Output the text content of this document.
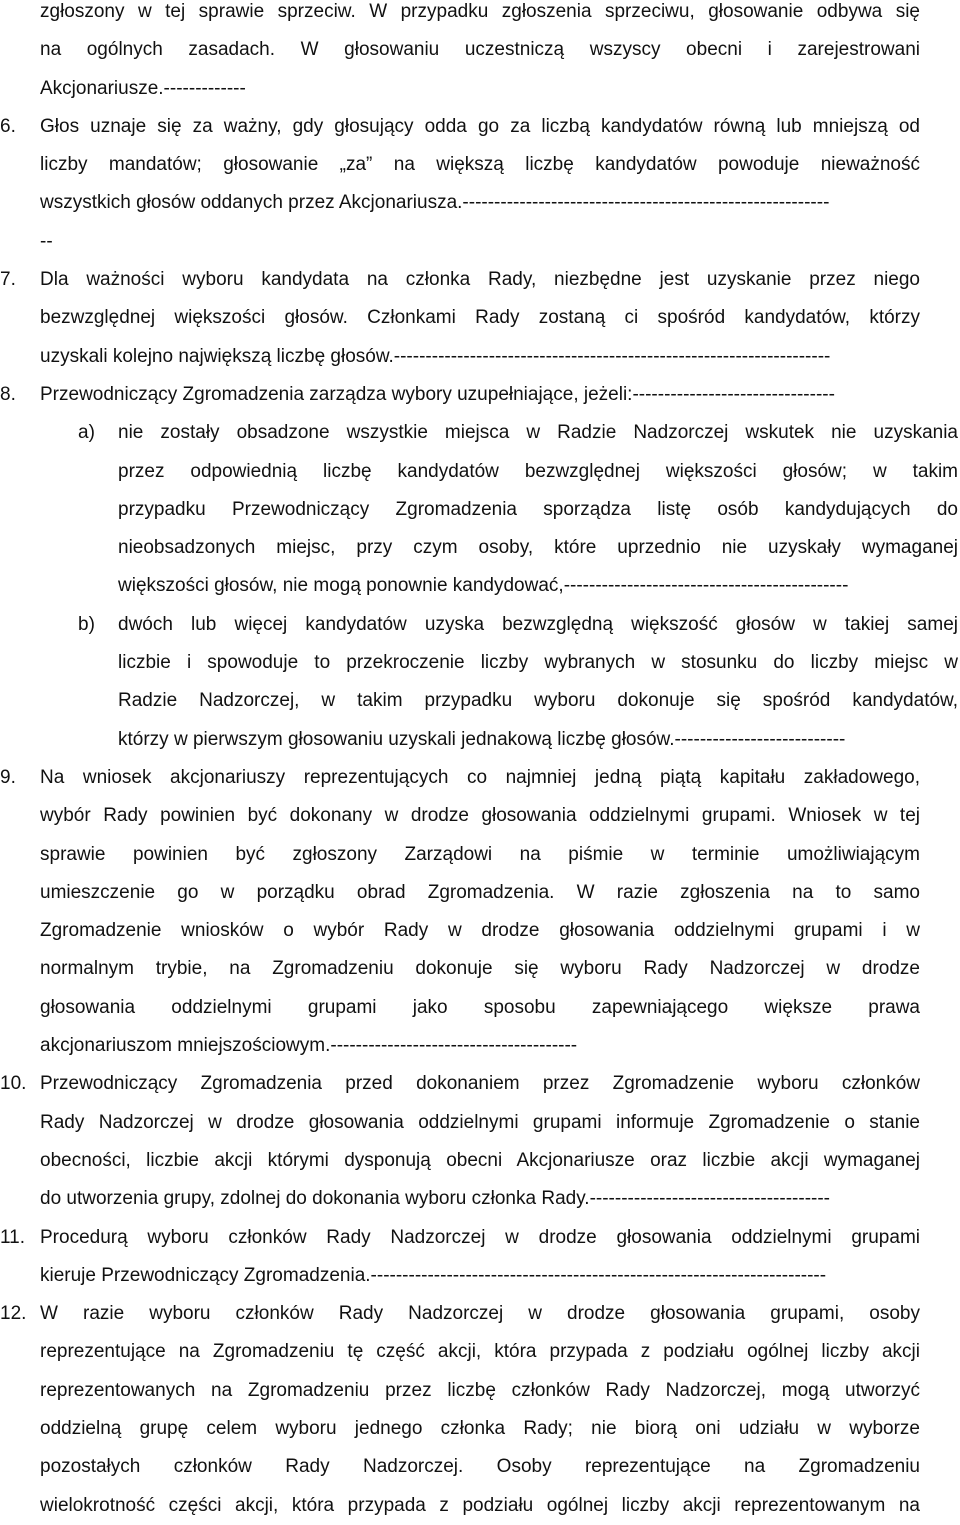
zgłoszony w tej sprawie sprzeciw. W przypadku zgłoszenia sprzeciwu, głosowanie odbywa się
na ogólnych zasadach. W głosowaniu uczestniczą wszyscy obecni i zarejestrowani
Akcjonariusze.-------------
6. Głos uznaje się za ważny, gdy głosujący odda go za liczbą kandydatów równą lub mniejszą od
liczby mandatów; głosowanie „za” na większą liczbę kandydatów powoduje nieważność
wszystkich głosów oddanych przez Akcjonariusza.----------------------------------------------------------
--
7. Dla ważności wyboru kandydata na członka Rady, niezbędne jest uzyskanie przez niego
bezwzględnej większości głosów. Członkami Rady zostaną ci spośród kandydatów, którzy
uzyskali kolejno największą liczbę głosów.---------------------------------------------------------------------
8. Przewodniczący Zgromadzenia zarządza wybory uzupełniające, jeżeli:--------------------------------
a) nie zostały obsadzone wszystkie miejsca w Radzie Nadzorczej wskutek nie uzyskania
przez odpowiednią liczbę kandydatów bezwzględnej większości głosów; w takim
przypadku Przewodniczący Zgromadzenia sporządza listę osób kandydujących do
nieobsadzonych miejsc, przy czym osoby, które uprzednio nie uzyskały wymaganej
większości głosów, nie mogą ponownie kandydować,---------------------------------------------
b) dwóch lub więcej kandydatów uzyska bezwzględną większość głosów w takiej samej
liczbie i spowoduje to przekroczenie liczby wybranych w stosunku do liczby miejsc w
Radzie Nadzorczej, w takim przypadku wyboru dokonuje się spośród kandydatów,
którzy w pierwszym głosowaniu uzyskali jednakową liczbę głosów.---------------------------
9. Na wniosek akcjonariuszy reprezentujących co najmniej jedną piątą kapitału zakładowego,
wybór Rady powinien być dokonany w drodze głosowania oddzielnymi grupami. Wniosek w tej
sprawie powinien być zgłoszony Zarządowi na piśmie w terminie umożliwiającym
umieszczenie go w porządku obrad Zgromadzenia. W razie zgłoszenia na to samo
Zgromadzenie wniosków o wybór Rady w drodze głosowania oddzielnymi grupami i w
normalnym trybie, na Zgromadzeniu dokonuje się wyboru Rady Nadzorczej w drodze
głosowania oddzielnymi grupami jako sposobu zapewniającego większe prawa
akcjonariuszom mniejszościowym.---------------------------------------
10. Przewodniczący Zgromadzenia przed dokonaniem przez Zgromadzenie wyboru członków
Rady Nadzorczej w drodze głosowania oddzielnymi grupami informuje Zgromadzenie o stanie
obecności, liczbie akcji którymi dysponują obecni Akcjonariusze oraz liczbie akcji wymaganej
do utworzenia grupy, zdolnej do dokonania wyboru członka Rady.--------------------------------------
11. Procedurą wyboru członków Rady Nadzorczej w drodze głosowania oddzielnymi grupami
kieruje Przewodniczący Zgromadzenia.------------------------------------------------------------------------
12. W razie wyboru członków Rady Nadzorczej w drodze głosowania grupami, osoby
reprezentujące na Zgromadzeniu tę część akcji, która przypada z podziału ogólnej liczby akcji
reprezentowanych na Zgromadzeniu przez liczbę członków Rady Nadzorczej, mogą utworzyć
oddzielną grupę celem wyboru jednego członka Rady; nie biorą oni udziału w wyborze
pozostałych członków Rady Nadzorczej. Osoby reprezentujące na Zgromadzeniu
wielokrotność części akcji, która przypada z podziału ogólnej liczby akcji reprezentowanym na
